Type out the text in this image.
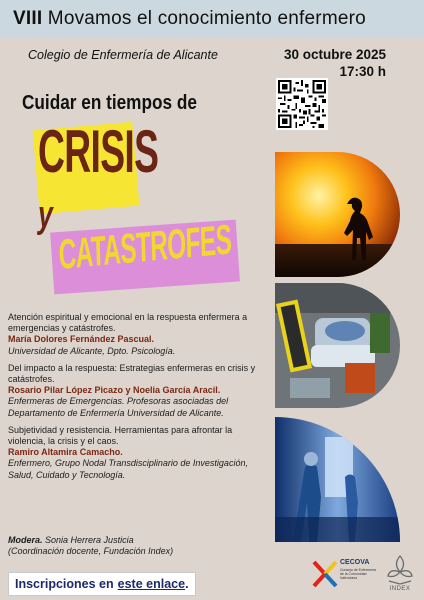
VIII Movamos el conocimiento enfermero
Colegio de Enfermería de Alicante	30 octubre 2025
17:30 h
Cuidar en tiempos de
CRISIS
y
CATASTROFES
Atención espiritual y emocional en la respuesta enfermera a emergencias y catástrofes.
María Dolores Fernández Pascual.
Universidad de Alicante, Dpto. Psicología.
Del impacto a la respuesta: Estrategias enfermeras en crisis y catástrofes.
Rosario Pilar López Picazo y Noelia García Aracil.
Enfermeras de Emergencias. Profesoras asociadas del Departamento de Enfermería Universidad de Alicante.
Subjetividad y resistencia. Herramientas para afrontar la violencia, la crisis y el caos.
Ramiro Altamira Camacho.
Enfermero, Grupo Nodal Transdisciplinario de Investigación, Salud, Cuidado y Tecnología.
Modera. Sonia Herrera Justicia
(Coordinación docente, Fundación Index)
Inscripciones en este enlace .
CECOVA
Consejo de Enfermería de la Comunidad Valenciana
INDEX
